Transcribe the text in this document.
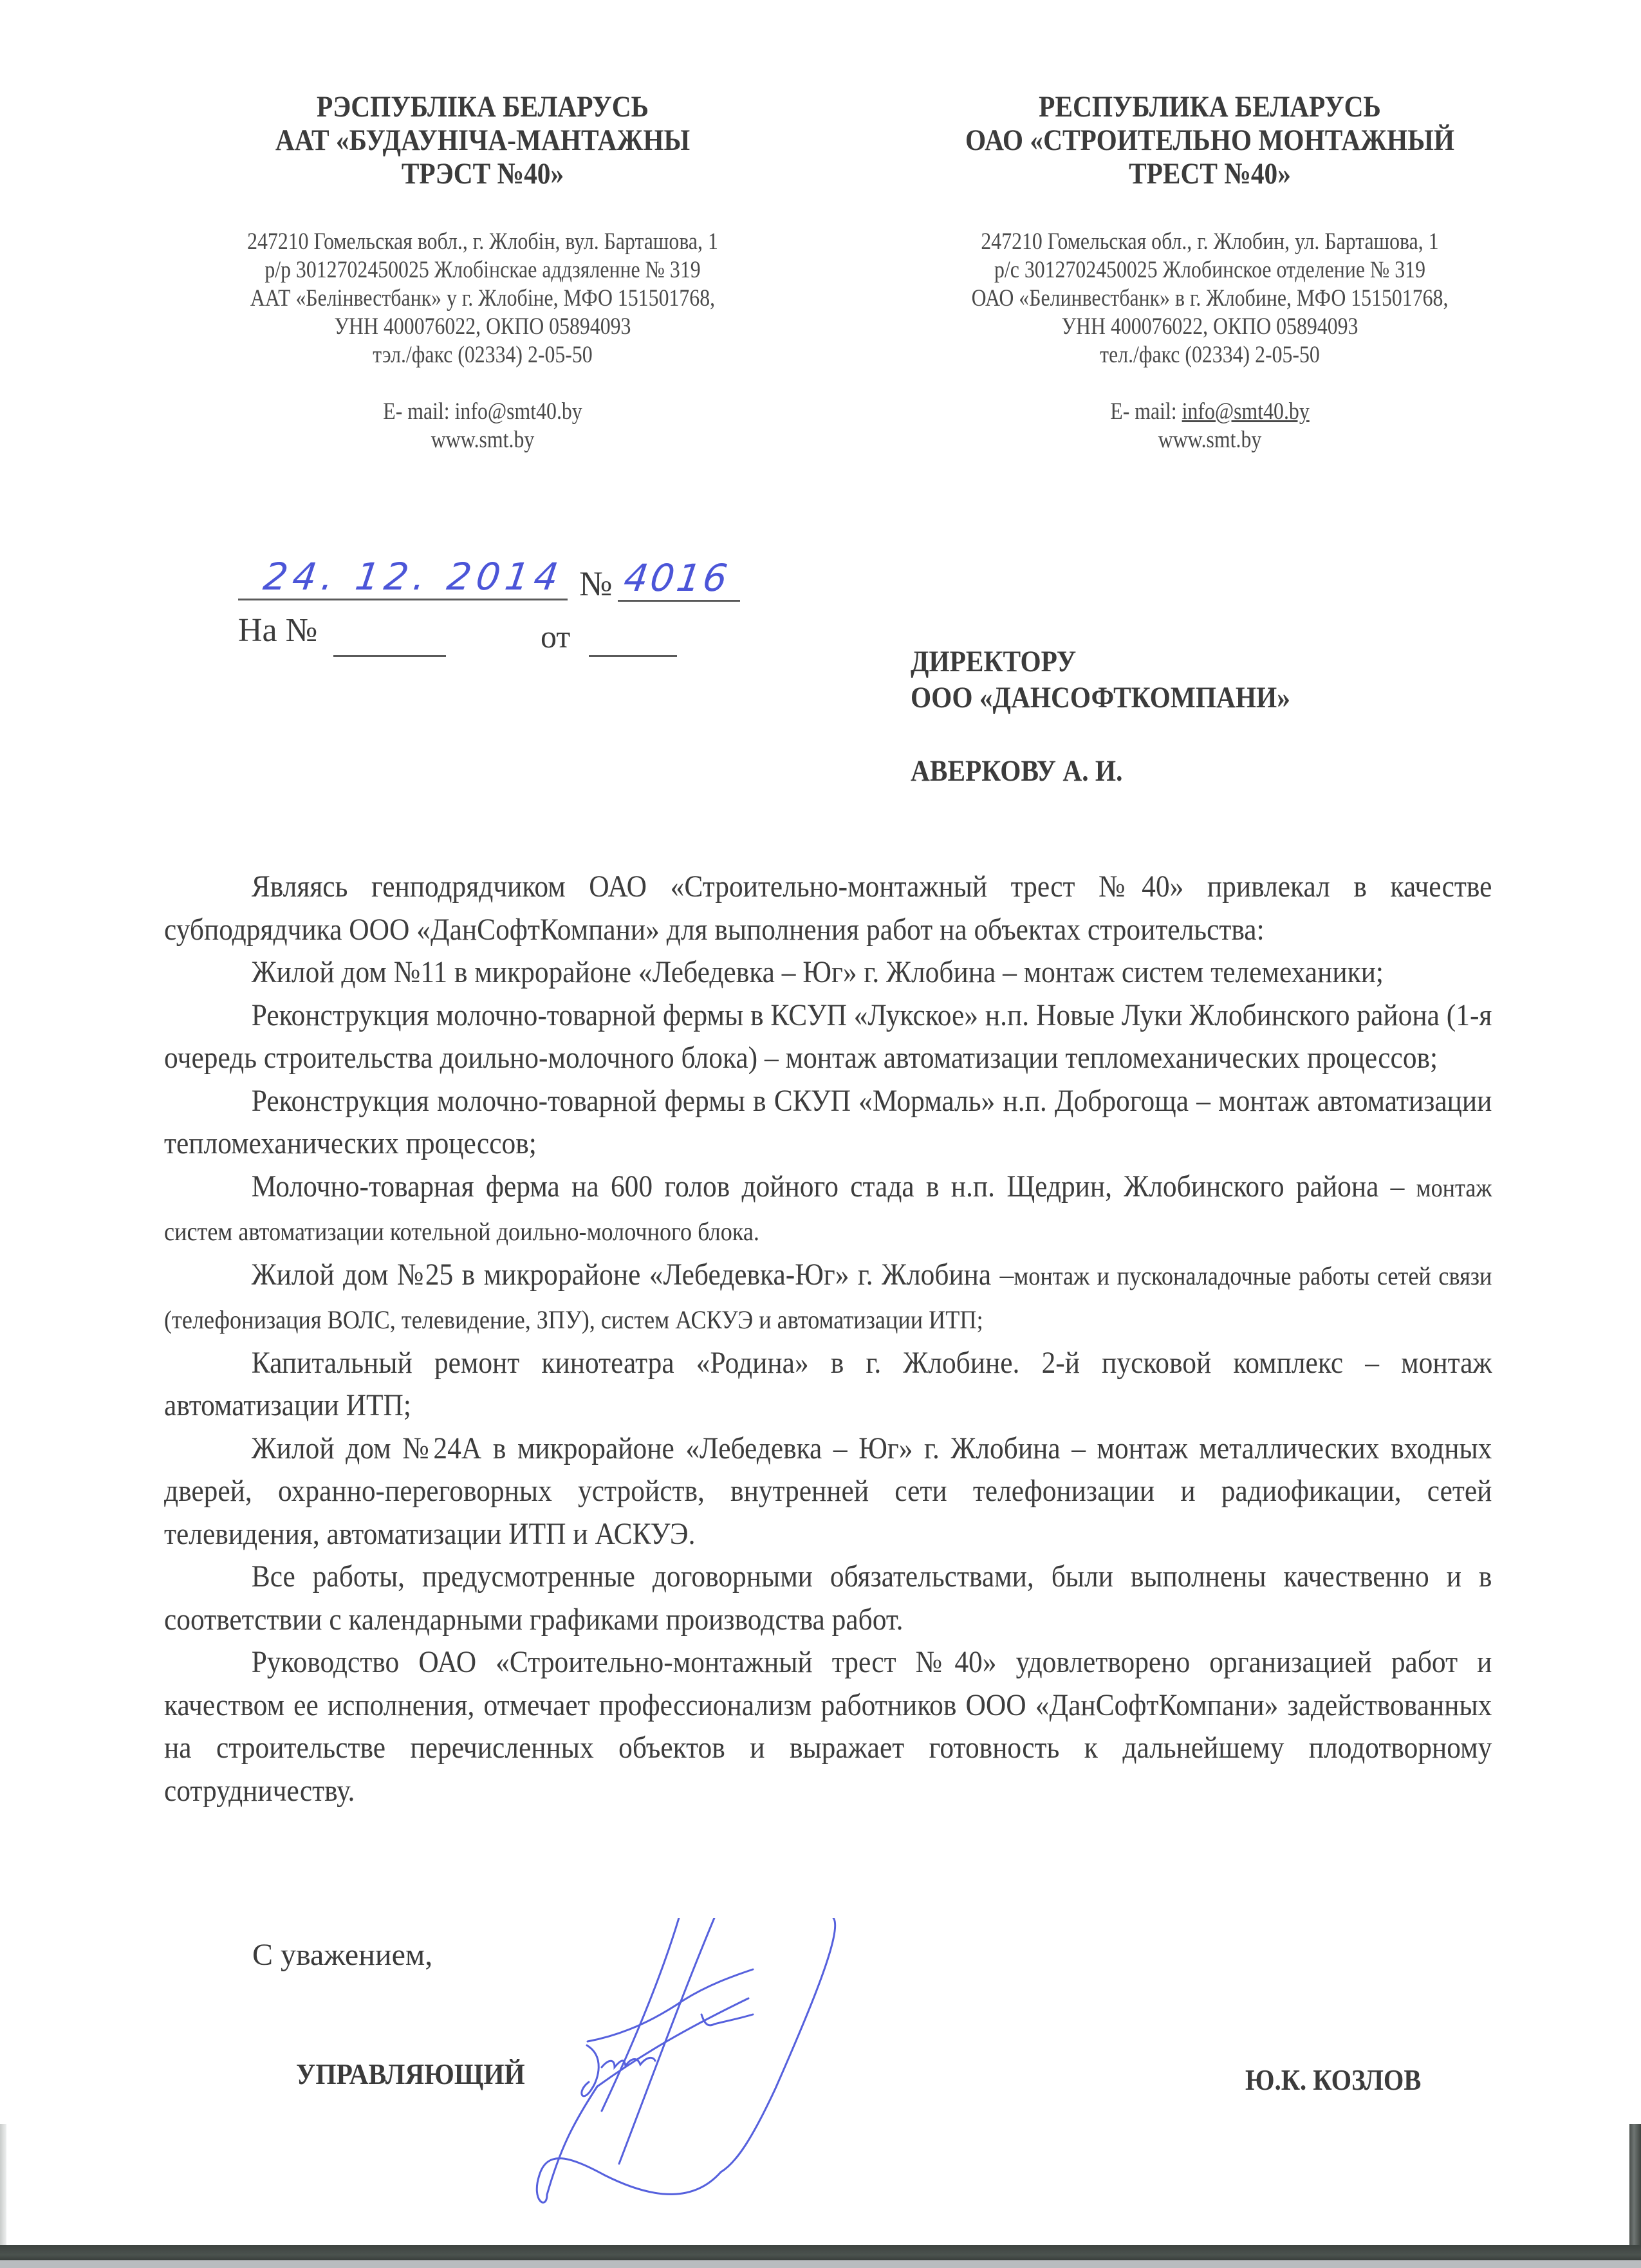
РЭСПУБЛІКА БЕЛАРУСЬ

ААТ «БУДАУНІЧА-МАНТАЖНЫ

ТРЭСТ №40»

247210 Гомельская вобл., г. Жлобін, вул. Барташова, 1
р/р 3012702450025 Жлобінскае аддзяленне № 319
ААТ «Белінвестбанк» у г. Жлобіне, МФО 151501768,
УНН 400076022, ОКПО 05894093
тэл./факс (02334) 2-05-50
E- mail: info@smt40.by
www.smt.by

РЕСПУБЛИКА БЕЛАРУСЬ

ОАО «СТРОИТЕЛЬНО МОНТАЖНЫЙ

ТРЕСТ №40»

247210 Гомельская обл., г. Жлобин, ул. Барташова, 1
р/с 3012702450025 Жлобинское отделение № 319
ОАО «Белинвестбанк» в г. Жлобине, МФО 151501768,
УНН 400076022, ОКПО 05894093
тел./факс (02334) 2-05-50
E- mail: info@smt40.by
www.smt.by
24. 12. 2014 № 4016
На №	от
ДИРЕКТОРУ
ООО «ДАНСОФТКОМПАНИ»
АВЕРКОВУ А. И.

Являясь генподрядчиком ОАО «Строительно-монтажный трест №40» привлекал в качестве субподрядчика ООО «ДанСофтКомпани» для выполнения работ на объектах строительства:

Жилой дом №11 в микрорайоне «Лебедевка – Юг» г. Жлобина – монтаж систем телемеханики;

Реконструкция молочно-товарной фермы в КСУП «Лукское» н.п. Новые Луки Жлобинского района (1-я очередь строительства доильно-молочного блока) – монтаж автоматизации тепломеханических процессов;

Реконструкция молочно-товарной фермы в СКУП «Мормаль» н.п. Доброгоща – монтаж автоматизации тепломеханических процессов;

Молочно-товарная ферма на 600 голов дойного стада в н.п. Щедрин, Жлобинского района – монтаж систем автоматизации котельной доильно-молочного блока.

Жилой дом №25 в микрорайоне «Лебедевка-Юг» г. Жлобина –монтаж и пусконаладочные работы сетей связи (телефонизация ВОЛС, телевидение, ЗПУ), систем АСКУЭ и автоматизации ИТП;

Капитальный ремонт кинотеатра «Родина» в г. Жлобине. 2-й пусковой комплекс – монтаж автоматизации ИТП;

Жилой дом №24А в микрорайоне «Лебедевка – Юг» г. Жлобина – монтаж металлических входных дверей, охранно-переговорных устройств, внутренней сети телефонизации и радиофикации, сетей телевидения, автоматизации ИТП и АСКУЭ.

Все работы, предусмотренные договорными обязательствами, были выполнены качественно и в соответствии с календарными графиками производства работ.

Руководство ОАО «Строительно-монтажный трест №40» удовлетворено организацией работ и качеством ее исполнения, отмечает профессионализм работников ООО «ДанСофтКомпани» задействованных на строительстве перечисленных объектов и выражает готовность к дальнейшему плодотворному сотрудничеству.

С уважением,
УПРАВЛЯЮЩИЙ	Ю.К. КОЗЛОВ
